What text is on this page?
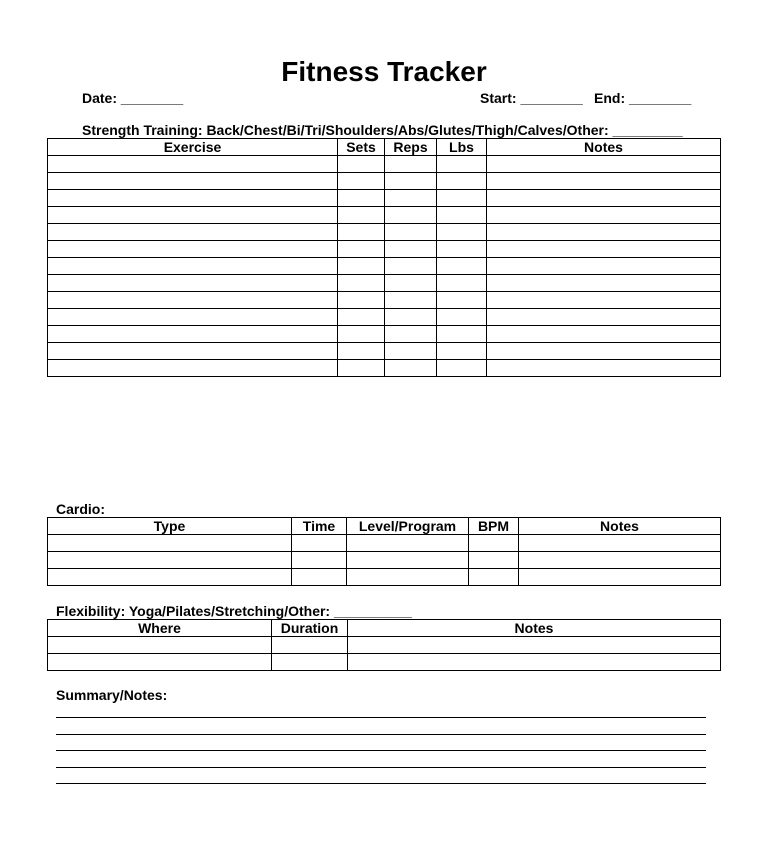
Fitness Tracker
Date: ________	Start: ________ End: ________
Strength Training: Back/Chest/Bi/Tri/Shoulders/Abs/Glutes/Thigh/Calves/Other: _________
Exercise	Sets	Reps	Lbs	Notes

Cardio:
Type	Time	Level/Program	BPM	Notes

Flexibility: Yoga/Pilates/Stretching/Other: __________
Where	Duration	Notes

Summary/Notes:
